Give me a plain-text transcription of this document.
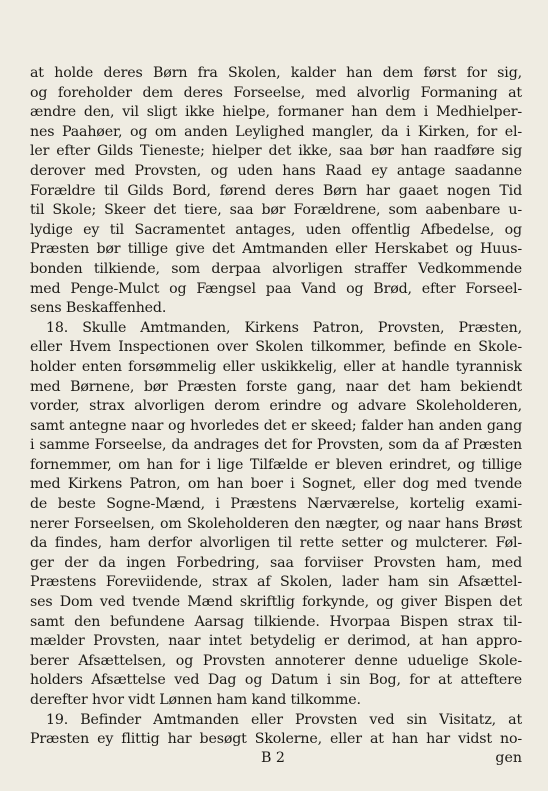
at holde deres Børn fra Skolen, kalder han dem først for sig,
og foreholder dem deres Forseelse, med alvorlig Formaning at
ændre den, vil sligt ikke hielpe, formaner han dem i Medhielper-
nes Paahøer, og om anden Leylighed mangler, da i Kirken, for el-
ler efter Gilds Tieneste; hielper det ikke, saa bør han raadføre sig
derover med Provsten, og uden hans Raad ey antage saadanne
Forældre til Gilds Bord, førend deres Børn har gaaet nogen Tid
til Skole; Skeer det tiere, saa bør Forældrene, som aabenbare u-
lydige ey til Sacramentet antages, uden offentlig Afbedelse, og
Præsten bør tillige give det Amtmanden eller Herskabet og Huus-
bonden tilkiende, som derpaa alvorligen straffer Vedkommende
med Penge-Mulct og Fængsel paa Vand og Brød, efter Forseel-
sens Beskaffenhed.
18. Skulle Amtmanden, Kirkens Patron, Provsten, Præsten,
eller Hvem Inspectionen over Skolen tilkommer, befinde en Skole-
holder enten forsømmelig eller uskikkelig, eller at handle tyrannisk
med Børnene, bør Præsten forste gang, naar det ham bekiendt
vorder, strax alvorligen derom erindre og advare Skoleholderen,
samt antegne naar og hvorledes det er skeed; falder han anden gang
i samme Forseelse, da andrages det for Provsten, som da af Præsten
fornemmer, om han for i lige Tilfælde er bleven erindret, og tillige
med Kirkens Patron, om han boer i Sognet, eller dog med tvende
de beste Sogne-Mænd, i Præstens Nærværelse, kortelig exami-
nerer Forseelsen, om Skoleholderen den nægter, og naar hans Brøst
da findes, ham derfor alvorligen til rette setter og mulcterer. Føl-
ger der da ingen Forbedring, saa forviiser Provsten ham, med
Præstens Foreviidende, strax af Skolen, lader ham sin Afsættel-
ses Dom ved tvende Mænd skriftlig forkynde, og giver Bispen det
samt den befundene Aarsag tilkiende. Hvorpaa Bispen strax til-
mælder Provsten, naar intet betydelig er derimod, at han appro-
berer Afsættelsen, og Provsten annoterer denne uduelige Skole-
holders Afsættelse ved Dag og Datum i sin Bog, for at atteftere
derefter hvor vidt Lønnen ham kand tilkomme.
19. Befinder Amtmanden eller Provsten ved sin Visitatz, at
Præsten ey flittig har besøgt Skolerne, eller at han har vidst no-
B 2	gen
